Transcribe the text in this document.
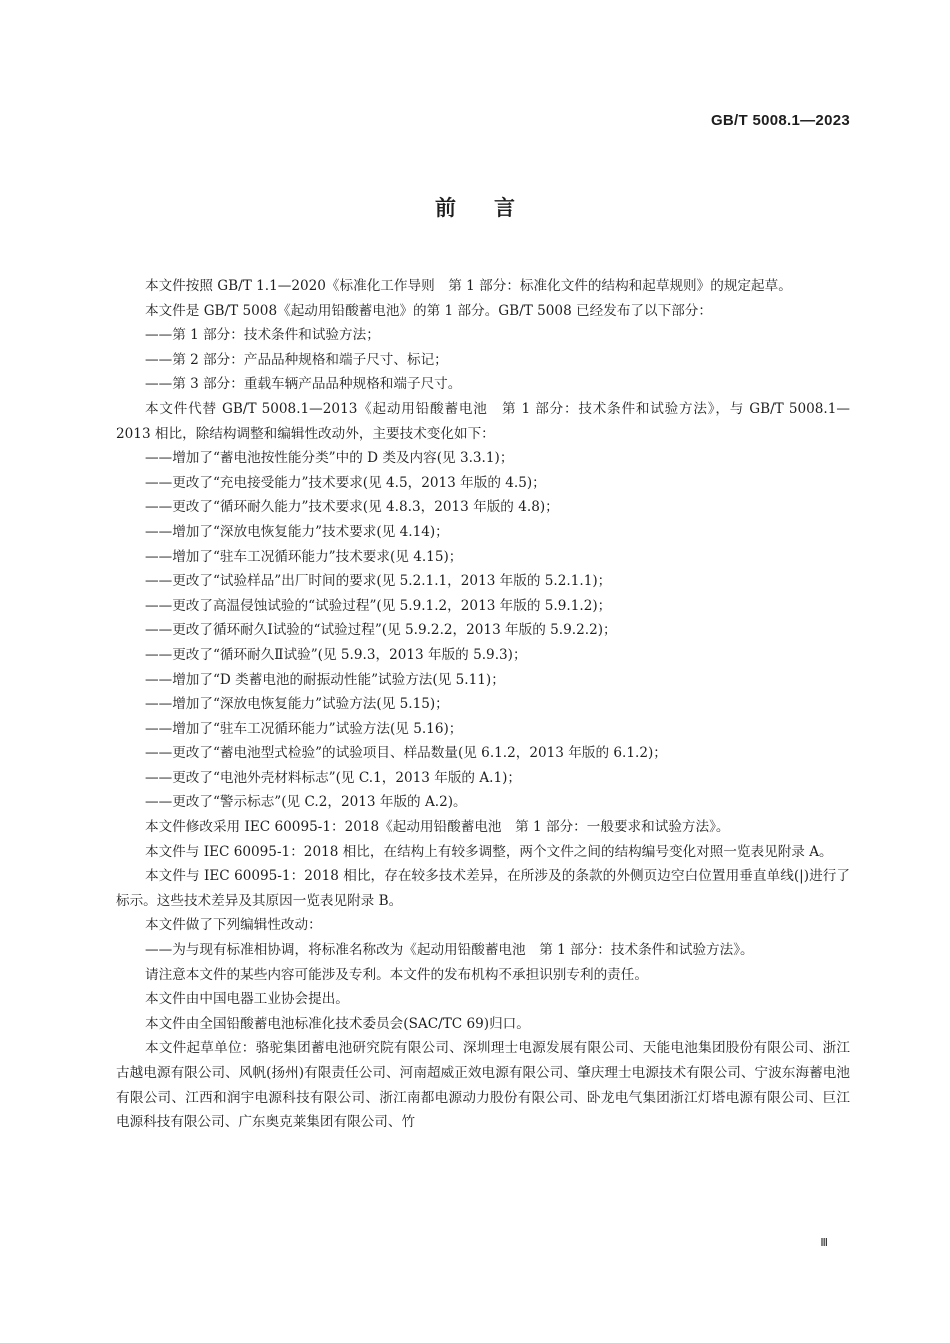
GB/T 5008.1—2023
前言

本文件按照 GB/T 1.1—2020《标准化工作导则　第 1 部分：标准化文件的结构和起草规则》的规定起草。

本文件是 GB/T 5008《起动用铅酸蓄电池》的第 1 部分。GB/T 5008 已经发布了以下部分：

——第 1 部分：技术条件和试验方法；

——第 2 部分：产品品种规格和端子尺寸、标记；

——第 3 部分：重载车辆产品品种规格和端子尺寸。

本文件代替 GB/T 5008.1—2013《起动用铅酸蓄电池　第 1 部分：技术条件和试验方法》，与 GB/T 5008.1—2013 相比，除结构调整和编辑性改动外，主要技术变化如下：

——增加了“蓄电池按性能分类”中的 D 类及内容(见 3.3.1)；

——更改了“充电接受能力”技术要求(见 4.5，2013 年版的 4.5)；

——更改了“循环耐久能力”技术要求(见 4.8.3，2013 年版的 4.8)；

——增加了“深放电恢复能力”技术要求(见 4.14)；

——增加了“驻车工况循环能力”技术要求(见 4.15)；

——更改了“试验样品”出厂时间的要求(见 5.2.1.1，2013 年版的 5.2.1.1)；

——更改了高温侵蚀试验的“试验过程”(见 5.9.1.2，2013 年版的 5.9.1.2)；

——更改了循环耐久Ⅰ试验的“试验过程”(见 5.9.2.2，2013 年版的 5.9.2.2)；

——更改了“循环耐久Ⅱ试验”(见 5.9.3，2013 年版的 5.9.3)；

——增加了“D 类蓄电池的耐振动性能”试验方法(见 5.11)；

——增加了“深放电恢复能力”试验方法(见 5.15)；

——增加了“驻车工况循环能力”试验方法(见 5.16)；

——更改了“蓄电池型式检验”的试验项目、样品数量(见 6.1.2，2013 年版的 6.1.2)；

——更改了“电池外壳材料标志”(见 C.1，2013 年版的 A.1)；

——更改了“警示标志”(见 C.2，2013 年版的 A.2)。

本文件修改采用 IEC 60095-1：2018《起动用铅酸蓄电池　第 1 部分：一般要求和试验方法》。

本文件与 IEC 60095-1：2018 相比，在结构上有较多调整，两个文件之间的结构编号变化对照一览表见附录 A。

本文件与 IEC 60095-1：2018 相比，存在较多技术差异，在所涉及的条款的外侧页边空白位置用垂直单线(|)进行了标示。这些技术差异及其原因一览表见附录 B。

本文件做了下列编辑性改动：

——为与现有标准相协调，将标准名称改为《起动用铅酸蓄电池　第 1 部分：技术条件和试验方法》。

请注意本文件的某些内容可能涉及专利。本文件的发布机构不承担识别专利的责任。

本文件由中国电器工业协会提出。

本文件由全国铅酸蓄电池标准化技术委员会(SAC/TC 69)归口。

本文件起草单位：骆驼集团蓄电池研究院有限公司、深圳理士电源发展有限公司、天能电池集团股份有限公司、浙江古越电源有限公司、风帆(扬州)有限责任公司、河南超威正效电源有限公司、肇庆理士电源技术有限公司、宁波东海蓄电池有限公司、江西和润宇电源科技有限公司、浙江南都电源动力股份有限公司、卧龙电气集团浙江灯塔电源有限公司、巨江电源科技有限公司、广东奥克莱集团有限公司、竹

Ⅲ
